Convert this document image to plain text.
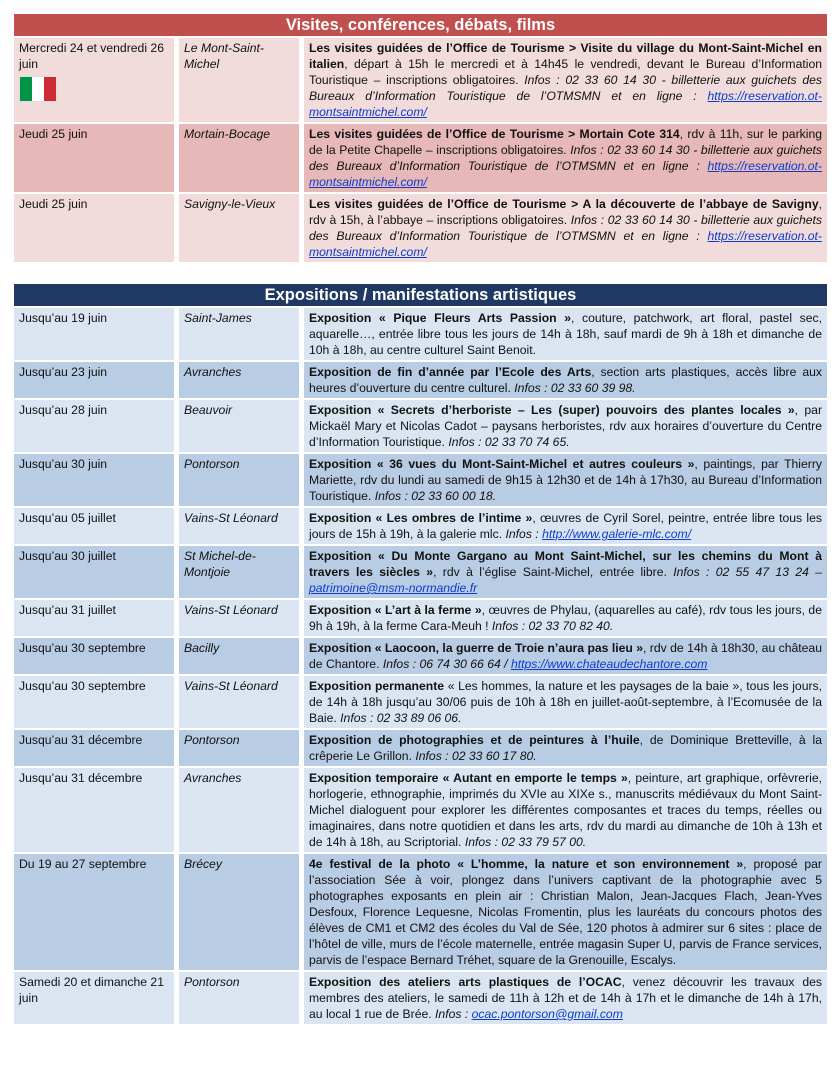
Visites, conférences, débats, films
Mercredi 24 et vendredi 26 juin		Le Mont-Saint-Michel		Les visites guidées de l’Office de Tourisme > Visite du village du Mont-Saint-Michel en italien, départ à 15h le mercredi et à 14h45 le vendredi, devant le Bureau d’Information Touristique – inscriptions obligatoires. Infos : 02 33 60 14 30 - billetterie aux guichets des Bureaux d’Information Touristique de l’OTMSMN et en ligne : https://reservation.ot-montsaintmichel.com/

Jeudi 25 juin		Mortain-Bocage		Les visites guidées de l’Office de Tourisme > Mortain Cote 314, rdv à 11h, sur le parking de la Petite Chapelle – inscriptions obligatoires. Infos : 02 33 60 14 30 - billetterie aux guichets des Bureaux d’Information Touristique de l’OTMSMN et en ligne : https://reservation.ot-montsaintmichel.com/

Jeudi 25 juin		Savigny-le-Vieux		Les visites guidées de l’Office de Tourisme > A la découverte de l’abbaye de Savigny, rdv à 15h, à l’abbaye – inscriptions obligatoires. Infos : 02 33 60 14 30 - billetterie aux guichets des Bureaux d’Information Touristique de l’OTMSMN et en ligne : https://reservation.ot-montsaintmichel.com/
Expositions / manifestations artistiques
Jusqu’au 19 juin		Saint-James		Exposition « Pique Fleurs Arts Passion », couture, patchwork, art floral, pastel sec, aquarelle…, entrée libre tous les jours de 14h à 18h, sauf mardi de 9h à 18h et dimanche de 10h à 18h, au centre culturel Saint Benoit.

Jusqu’au 23 juin		Avranches		Exposition de fin d’année par l’Ecole des Arts, section arts plastiques, accès libre aux heures d’ouverture du centre culturel. Infos : 02 33 60 39 98.

Jusqu’au 28 juin		Beauvoir		Exposition « Secrets d’herboriste – Les (super) pouvoirs des plantes locales », par Mickaël Mary et Nicolas Cadot – paysans herboristes, rdv aux horaires d’ouverture du Centre d’Information Touristique. Infos : 02 33 70 74 65.

Jusqu’au 30 juin		Pontorson		Exposition « 36 vues du Mont-Saint-Michel et autres couleurs », paintings, par Thierry Mariette, rdv du lundi au samedi de 9h15 à 12h30 et de 14h à 17h30, au Bureau d’Information Touristique. Infos : 02 33 60 00 18.

Jusqu’au 05 juillet		Vains-St Léonard		Exposition « Les ombres de l’intime », œuvres de Cyril Sorel, peintre, entrée libre tous les jours de 15h à 19h, à la galerie mlc. Infos : http://www.galerie-mlc.com/

Jusqu’au 30 juillet		St Michel-de-Montjoie		Exposition « Du Monte Gargano au Mont Saint-Michel, sur les chemins du Mont à travers les siècles », rdv à l’église Saint-Michel, entrée libre. Infos : 02 55 47 13 24 – patrimoine@msm-normandie.fr

Jusqu’au 31 juillet		Vains-St Léonard		Exposition « L’art à la ferme », œuvres de Phylau, (aquarelles au café), rdv tous les jours, de 9h à 19h, à la ferme Cara-Meuh ! Infos : 02 33 70 82 40.

Jusqu’au 30 septembre		Bacilly		Exposition « Laocoon, la guerre de Troie n’aura pas lieu », rdv de 14h à 18h30, au château de Chantore. Infos : 06 74 30 66 64 / https://www.chateaudechantore.com

Jusqu’au 30 septembre		Vains-St Léonard		Exposition permanente « Les hommes, la nature et les paysages de la baie », tous les jours, de 14h à 18h jusqu’au 30/06 puis de 10h à 18h en juillet-août-septembre, à l’Ecomusée de la Baie. Infos : 02 33 89 06 06.

Jusqu’au 31 décembre		Pontorson		Exposition de photographies et de peintures à l’huile, de Dominique Bretteville, à la crêperie Le Grillon. Infos : 02 33 60 17 80.

Jusqu’au 31 décembre		Avranches		Exposition temporaire « Autant en emporte le temps », peinture, art graphique, orfèvrerie, horlogerie, ethnographie, imprimés du XVIe au XIXe s., manuscrits médiévaux du Mont Saint-Michel dialoguent pour explorer les différentes composantes et traces du temps, réelles ou imaginaires, dans notre quotidien et dans les arts, rdv du mardi au dimanche de 10h à 13h et de 14h à 18h, au Scriptorial. Infos : 02 33 79 57 00.

Du 19 au 27 septembre		Brécey		4e festival de la photo « L’homme, la nature et son environnement », proposé par l’association Sée à voir, plongez dans l’univers captivant de la photographie avec 5 photographes exposants en plein air : Christian Malon, Jean-Jacques Flach, Jean-Yves Desfoux, Florence Lequesne, Nicolas Fromentin, plus les lauréats du concours photos des élèves de CM1 et CM2 des écoles du Val de Sée, 120 photos à admirer sur 6 sites : place de l’hôtel de ville, murs de l’école maternelle, entrée magasin Super U, parvis de France services, parvis de l’espace Bernard Tréhet, square de la Grenouille, Escalys.

Samedi 20 et dimanche 21 juin		Pontorson		Exposition des ateliers arts plastiques de l’OCAC, venez découvrir les travaux des membres des ateliers, le samedi de 11h à 12h et de 14h à 17h et le dimanche de 14h à 17h, au local 1 rue de Brée. Infos : ocac.pontorson@gmail.com
